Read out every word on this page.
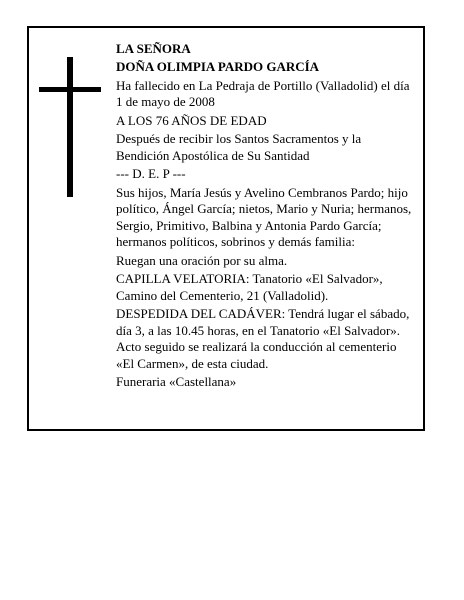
LA SEÑORA

DOÑA OLIMPIA PARDO GARCÍA

Ha fallecido en La Pedraja de Portillo (Valladolid) el día 1 de mayo de 2008

A LOS 76 AÑOS DE EDAD

Después de recibir los Santos Sacramentos y la Bendición Apostólica de Su Santidad

--- D. E. P ---

Sus hijos, María Jesús y Avelino Cembranos Pardo; hijo político, Ángel García; nietos, Mario y Nuria; hermanos, Sergio, Primitivo, Balbina y Antonia Pardo García; hermanos políticos, sobrinos y demás familia:

Ruegan una oración por su alma.

CAPILLA VELATORIA: Tanatorio «El Salvador», Camino del Cementerio, 21 (Valladolid).

DESPEDIDA DEL CADÁVER: Tendrá lugar el sábado, día 3, a las 10.45 horas, en el Tanatorio «El Salvador». Acto seguido se realizará la conducción al cementerio «El Carmen», de esta ciudad.

Funeraria «Castellana»
